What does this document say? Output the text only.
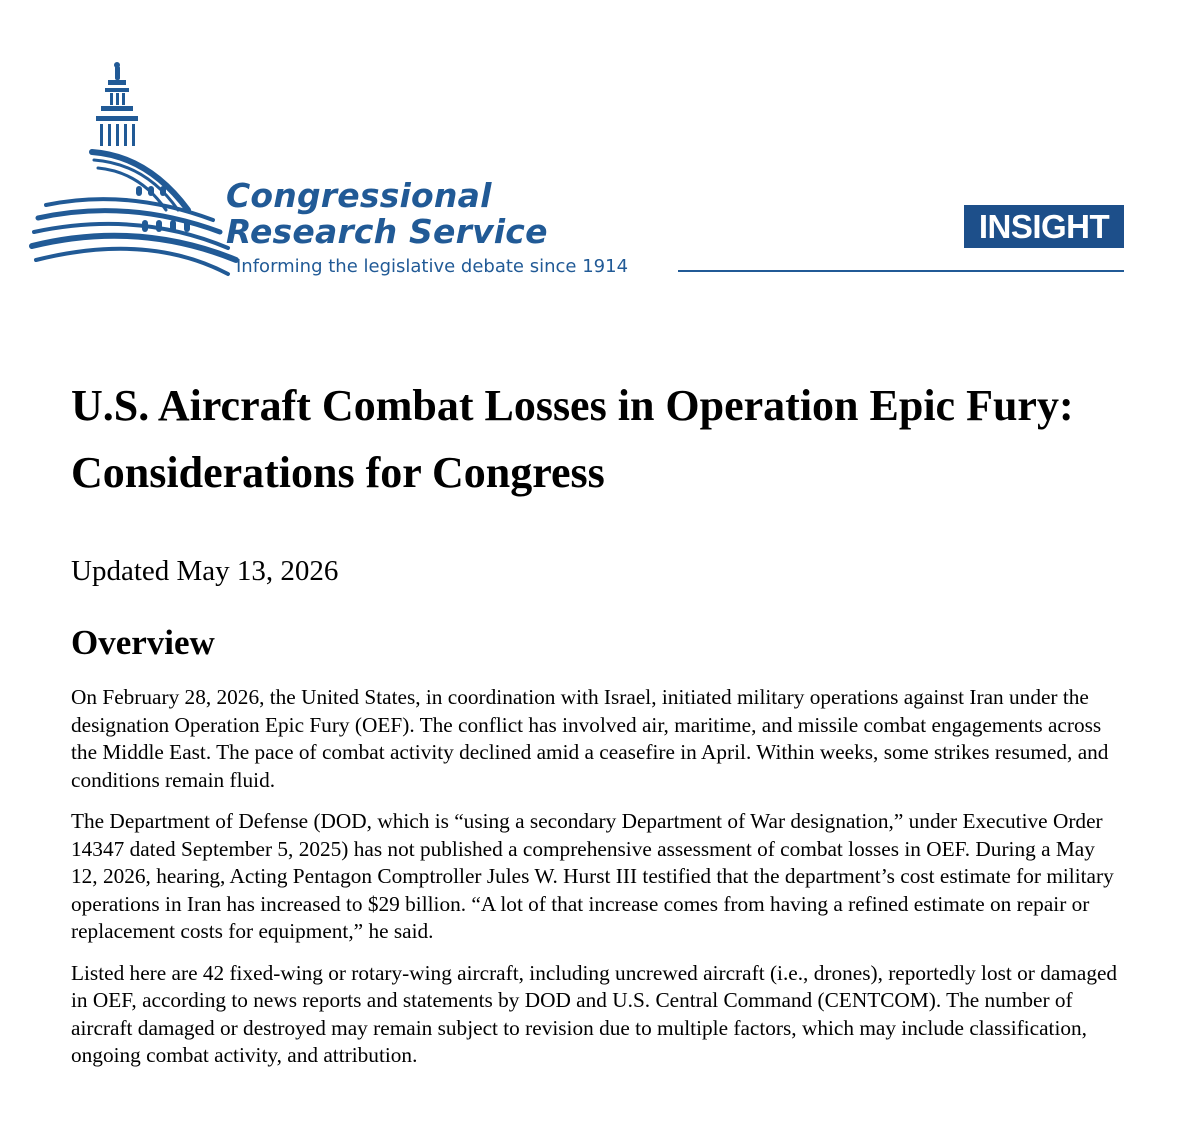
Congressional
Research Service
Informing the legislative debate since 1914
INSIGHT
U.S. Aircraft Combat Losses in Operation Epic Fury: Considerations for Congress

Updated May 13, 2026

Overview

On February 28, 2026, the United States, in coordination with Israel, initiated military operations against Iran under the designation Operation Epic Fury (OEF). The conflict has involved air, maritime, and missile combat engagements across the Middle East. The pace of combat activity declined amid a ceasefire in April. Within weeks, some strikes resumed, and conditions remain fluid.

The Department of Defense (DOD, which is “using a secondary Department of War designation,” under Executive Order 14347 dated September 5, 2025) has not published a comprehensive assessment of combat losses in OEF. During a May 12, 2026, hearing, Acting Pentagon Comptroller Jules W. Hurst III testified that the department’s cost estimate for military operations in Iran has increased to $29 billion. “A lot of that increase comes from having a refined estimate on repair or replacement costs for equipment,” he said.

Listed here are 42 fixed-wing or rotary-wing aircraft, including uncrewed aircraft (i.e., drones), reportedly lost or damaged in OEF, according to news reports and statements by DOD and U.S. Central Command (CENTCOM). The number of aircraft damaged or destroyed may remain subject to revision due to multiple factors, which may include classification, ongoing combat activity, and attribution.
